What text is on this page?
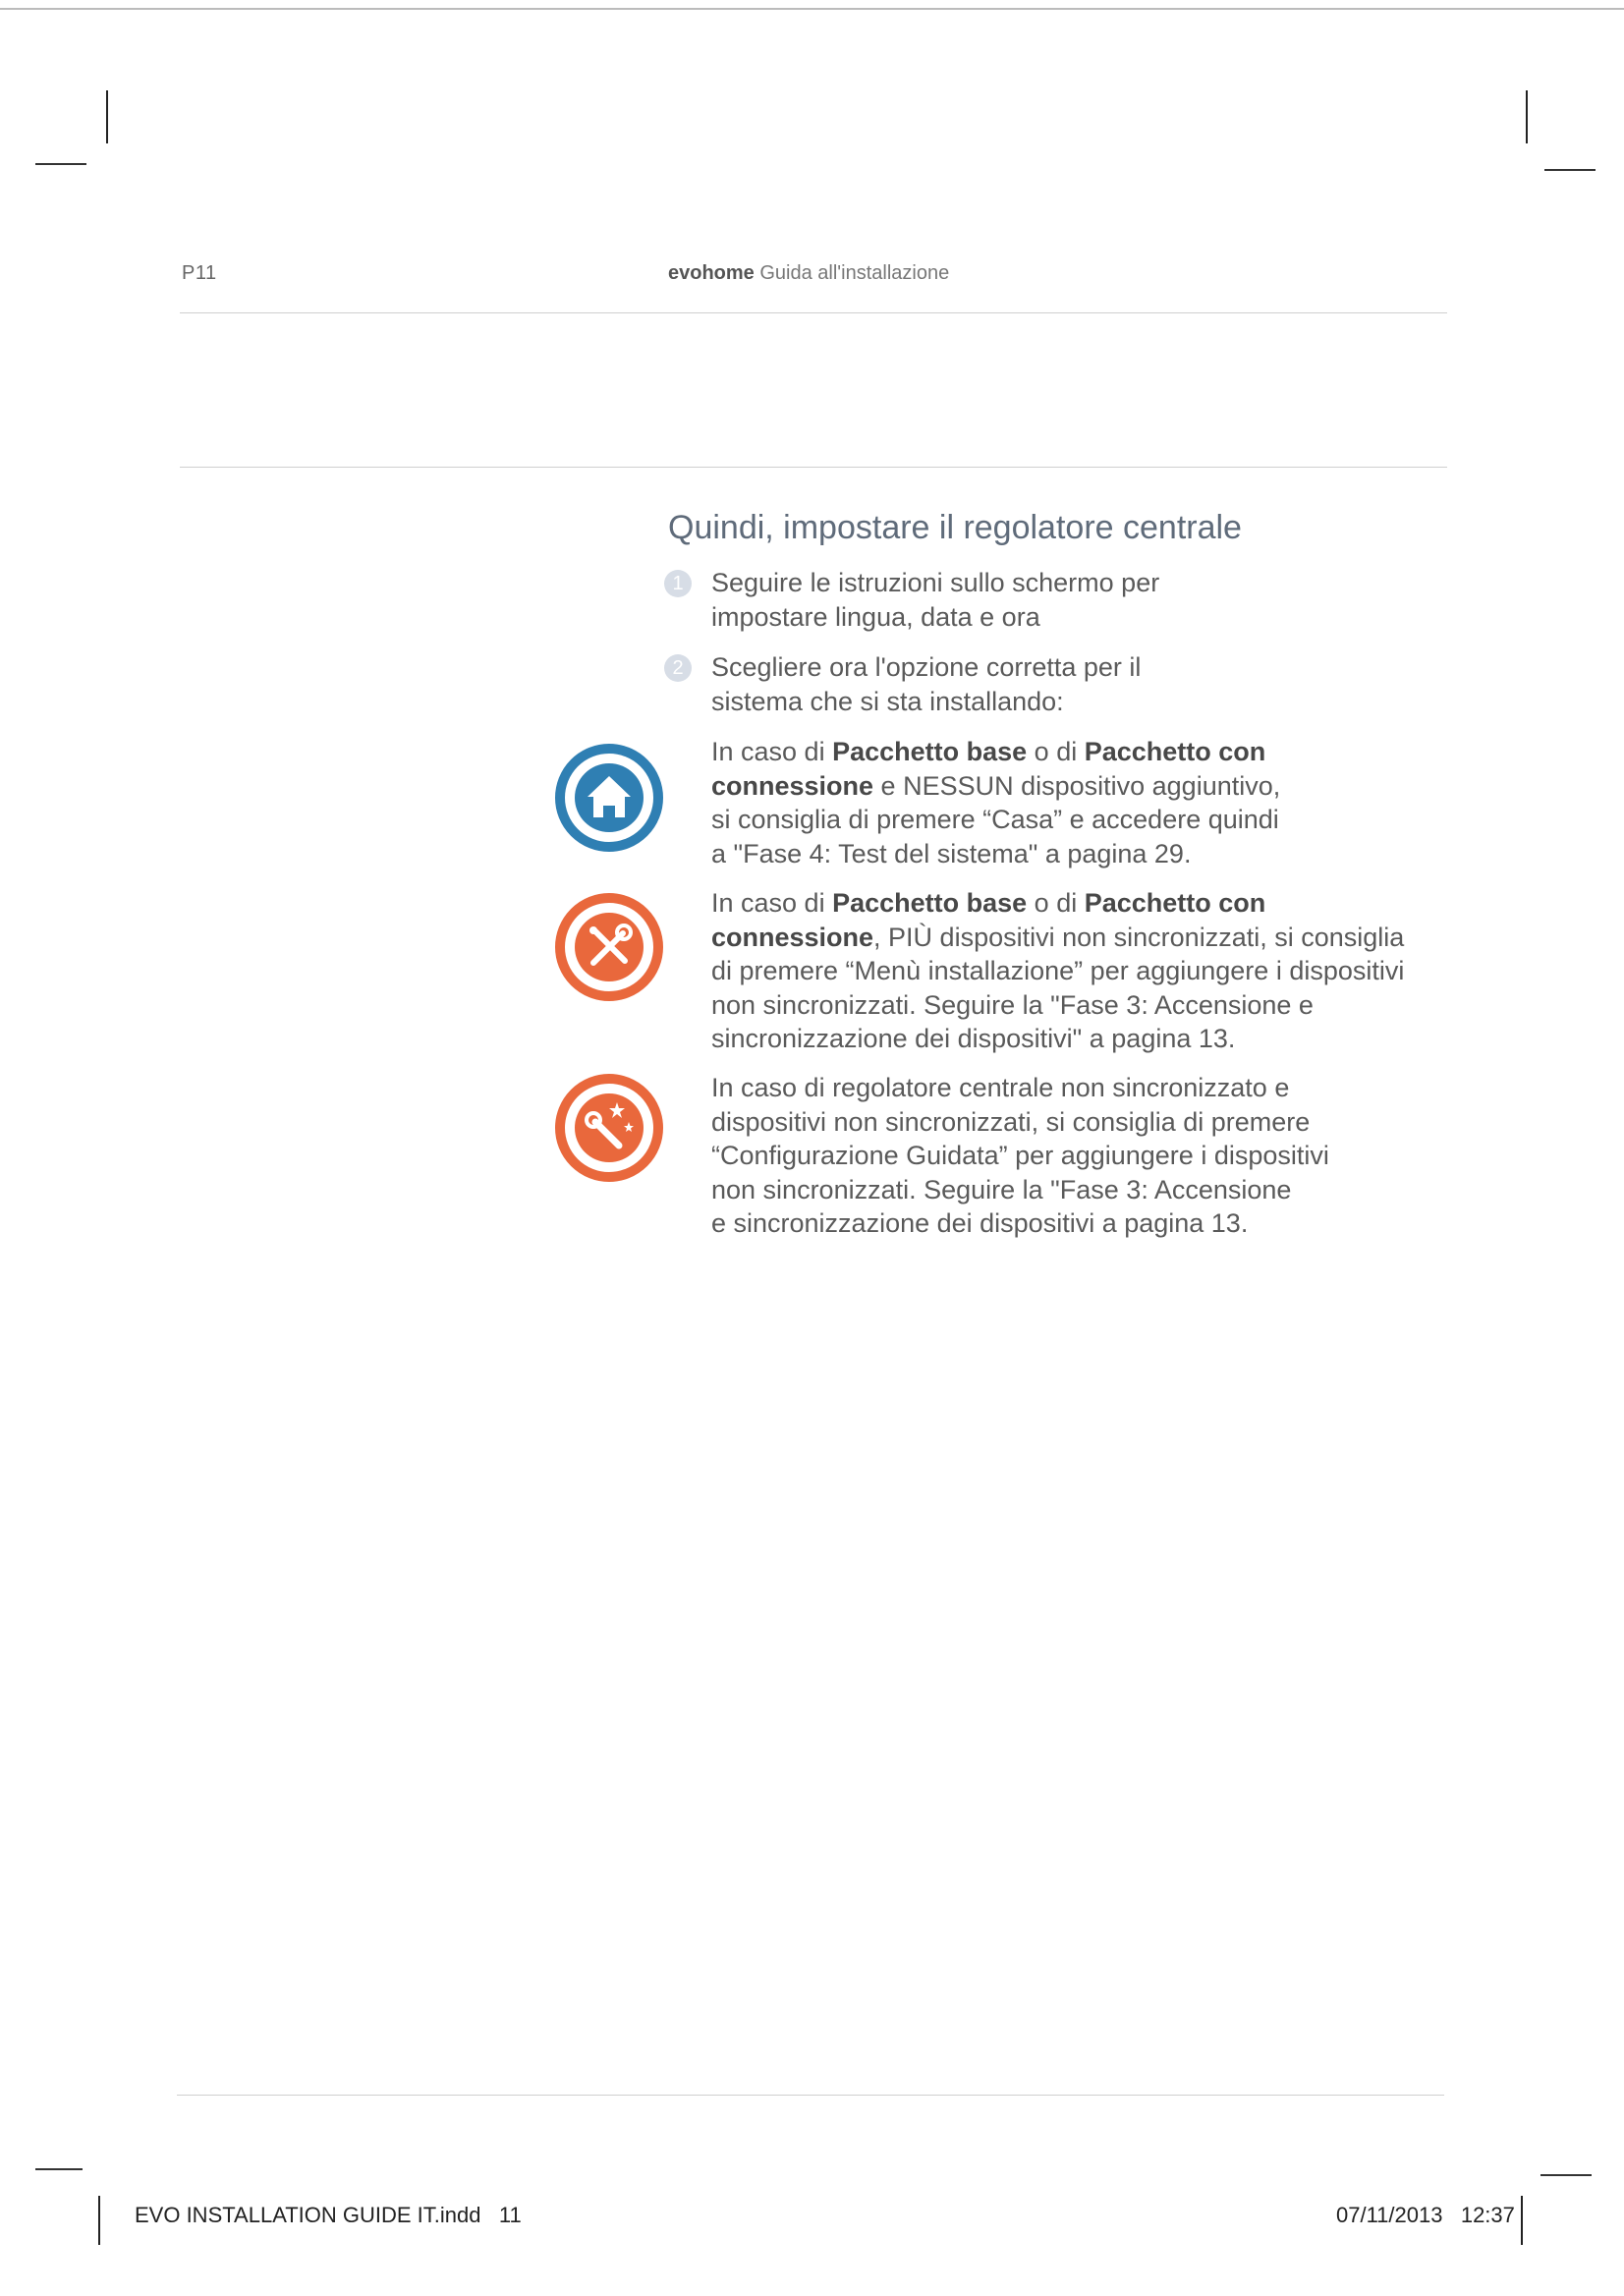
P11	evohome Guida all'installazione
Quindi, impostare il regolatore centrale
1	Seguire le istruzioni sullo schermo per
impostare lingua, data e ora
2	Scegliere ora l'opzione corretta per il
sistema che si sta installando:
In caso di Pacchetto base o di Pacchetto con
connessione e NESSUN dispositivo aggiuntivo,
si consiglia di premere “Casa” e accedere quindi
a "Fase 4: Test del sistema" a pagina 29.
In caso di Pacchetto base o di Pacchetto con
connessione, PIÙ dispositivi non sincronizzati, si consiglia
di premere “Menù installazione” per aggiungere i dispositivi
non sincronizzati. Seguire la "Fase 3: Accensione e
sincronizzazione dei dispositivi" a pagina 13.
In caso di regolatore centrale non sincronizzato e
dispositivi non sincronizzati, si consiglia di premere
“Configurazione Guidata” per aggiungere i dispositivi
non sincronizzati. Seguire la "Fase 3: Accensione
e sincronizzazione dei dispositivi a pagina 13.
EVO INSTALLATION GUIDE IT.indd 11	07/11/2013 12:37
